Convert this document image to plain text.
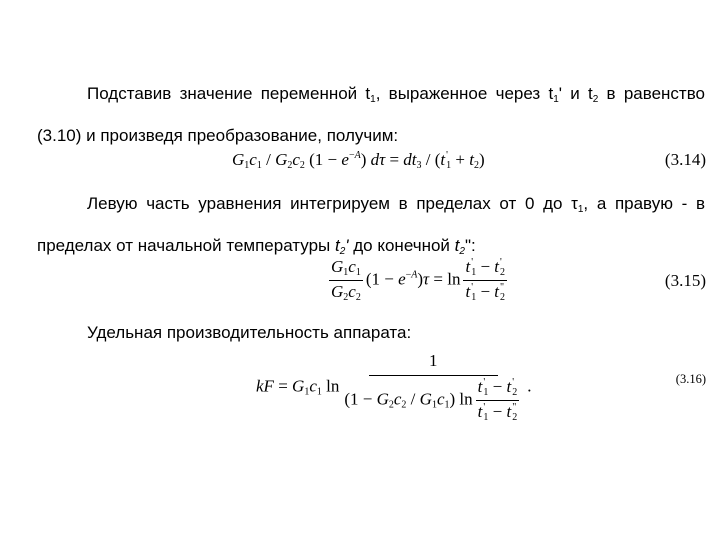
Подставив значение переменной $t_1$, выраженное через $t_1'$ и $t_2$ в равенство (3.10) и произведя преобразование, получим:

$G_1c_1 / G_2c_2$ $(1 - e^{-A})$ $d\tau = dt_3 / (t$ '
$1 + t_2$)	(3.14)

Левую часть уравнения интегрируем в пределах от 0 до $\tau_1$, а правую - в пределах от начальной температуры $t_2'$ до конечной $t_2$":

$\frac{G_1c_1}{G_2c_2} (1 - e^{-A})\tau = \ln t$ '
1 − t '
2
t '
1 − t "
2	(3.15)

Удельная производительность аппарата:

kF = $G_1c_1$ ln 1
$(1 - G_2c_2 / G_1c_1)$ ln t '
1 − t '
2
t '
1 − t "
2 .	(3.16)
